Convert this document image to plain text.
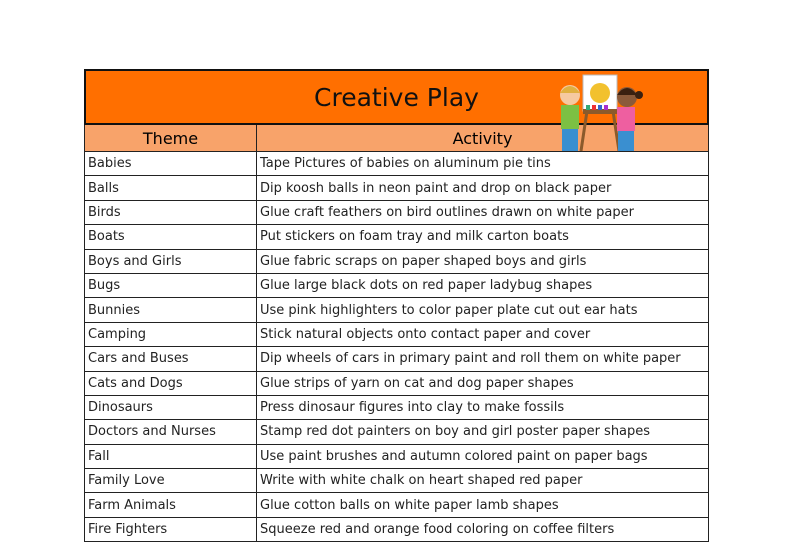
Creative Play
Theme	Activity
Babies	Tape Pictures of babies on aluminum pie tins
Balls	Dip koosh balls in neon paint and drop on black paper
Birds	Glue craft feathers on bird outlines drawn on white paper
Boats	Put stickers on foam tray and milk carton boats
Boys and Girls	Glue fabric scraps on paper shaped boys and girls
Bugs	Glue large black dots on red paper ladybug shapes
Bunnies	Use pink highlighters to color paper plate cut out ear hats
Camping	Stick natural objects onto contact paper and cover
Cars and Buses	Dip wheels of cars in primary paint and roll them on white paper
Cats and Dogs	Glue strips of yarn on cat and dog paper shapes
Dinosaurs	Press dinosaur figures into clay to make fossils
Doctors and Nurses	Stamp red dot painters on boy and girl poster paper shapes
Fall	Use paint brushes and autumn colored paint on paper bags
Family Love	Write with white chalk on heart shaped red paper
Farm Animals	Glue cotton balls on white paper lamb shapes
Fire Fighters	Squeeze red and orange food coloring on coffee filters
